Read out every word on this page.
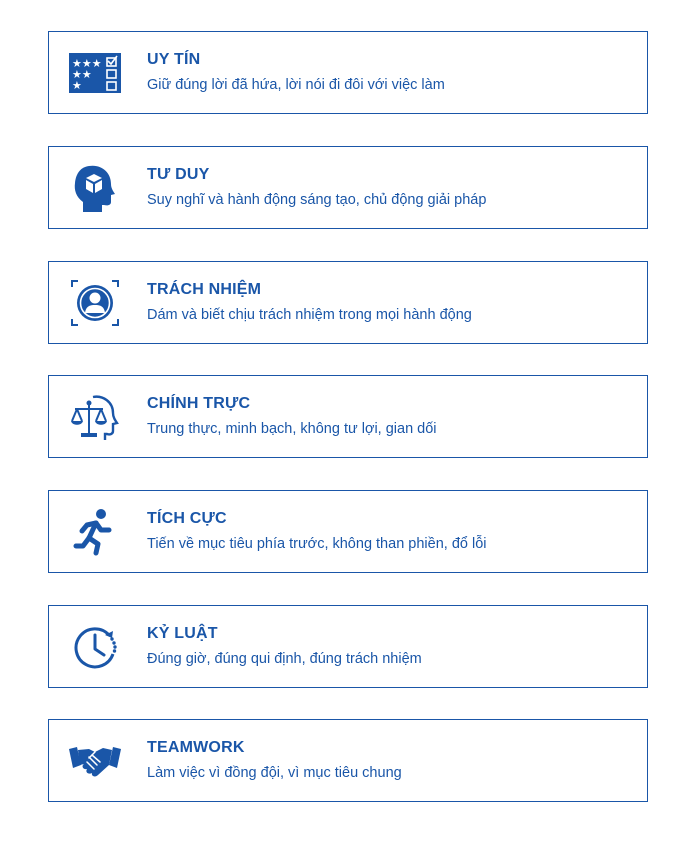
★★★
★★
★
UY TÍN
Giữ đúng lời đã hứa, lời nói đi đôi với việc làm
TƯ DUY
Suy nghĩ và hành động sáng tạo, chủ động giải pháp
TRÁCH NHIỆM
Dám và biết chịu trách nhiệm trong mọi hành động
CHÍNH TRỰC
Trung thực, minh bạch, không tư lợi, gian dối
TÍCH CỰC
Tiến về mục tiêu phía trước, không than phiền, đổ lỗi
KỶ LUẬT
Đúng giờ, đúng qui định, đúng trách nhiệm
TEAMWORK
Làm việc vì đồng đội, vì mục tiêu chung
